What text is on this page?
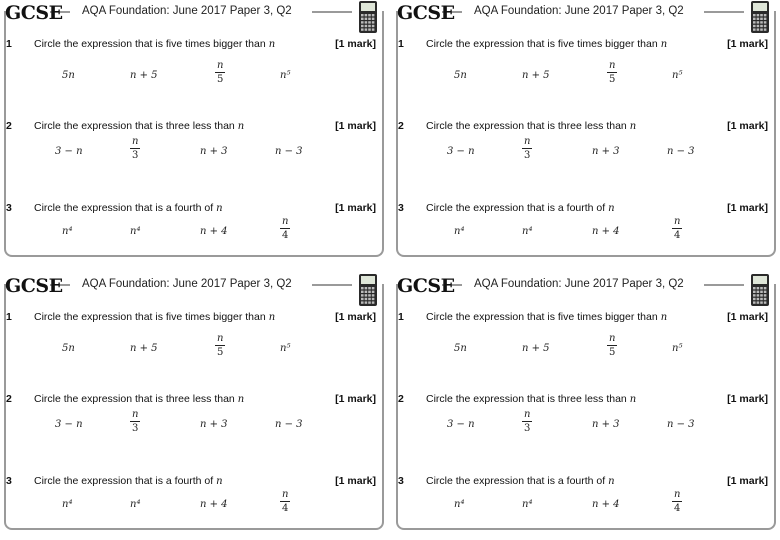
GCSE	AQA Foundation: June 2017 Paper 3, Q2
1 Circle the expression that is five times bigger than n	[1 mark]
5n	n + 5	$\frac{n}{5}$	n⁵
2 Circle the expression that is three less than n	[1 mark]
3 − n	$\frac{n}{3}$	n + 3	n − 3
3 Circle the expression that is a fourth of n	[1 mark]
n⁴	n⁴	n + 4	$\frac{n}{4}$
GCSE	AQA Foundation: June 2017 Paper 3, Q2
1 Circle the expression that is five times bigger than n	[1 mark]
5n	n + 5	$\frac{n}{5}$	n⁵
2 Circle the expression that is three less than n	[1 mark]
3 − n	$\frac{n}{3}$	n + 3	n − 3
3 Circle the expression that is a fourth of n	[1 mark]
n⁴	n⁴	n + 4	$\frac{n}{4}$
GCSE	AQA Foundation: June 2017 Paper 3, Q2
1 Circle the expression that is five times bigger than n	[1 mark]
5n	n + 5	$\frac{n}{5}$	n⁵
2 Circle the expression that is three less than n	[1 mark]
3 − n	$\frac{n}{3}$	n + 3	n − 3
3 Circle the expression that is a fourth of n	[1 mark]
n⁴	n⁴	n + 4	$\frac{n}{4}$
GCSE	AQA Foundation: June 2017 Paper 3, Q2
1 Circle the expression that is five times bigger than n	[1 mark]
5n	n + 5	$\frac{n}{5}$	n⁵
2 Circle the expression that is three less than n	[1 mark]
3 − n	$\frac{n}{3}$	n + 3	n − 3
3 Circle the expression that is a fourth of n	[1 mark]
n⁴	n⁴	n + 4	$\frac{n}{4}$
